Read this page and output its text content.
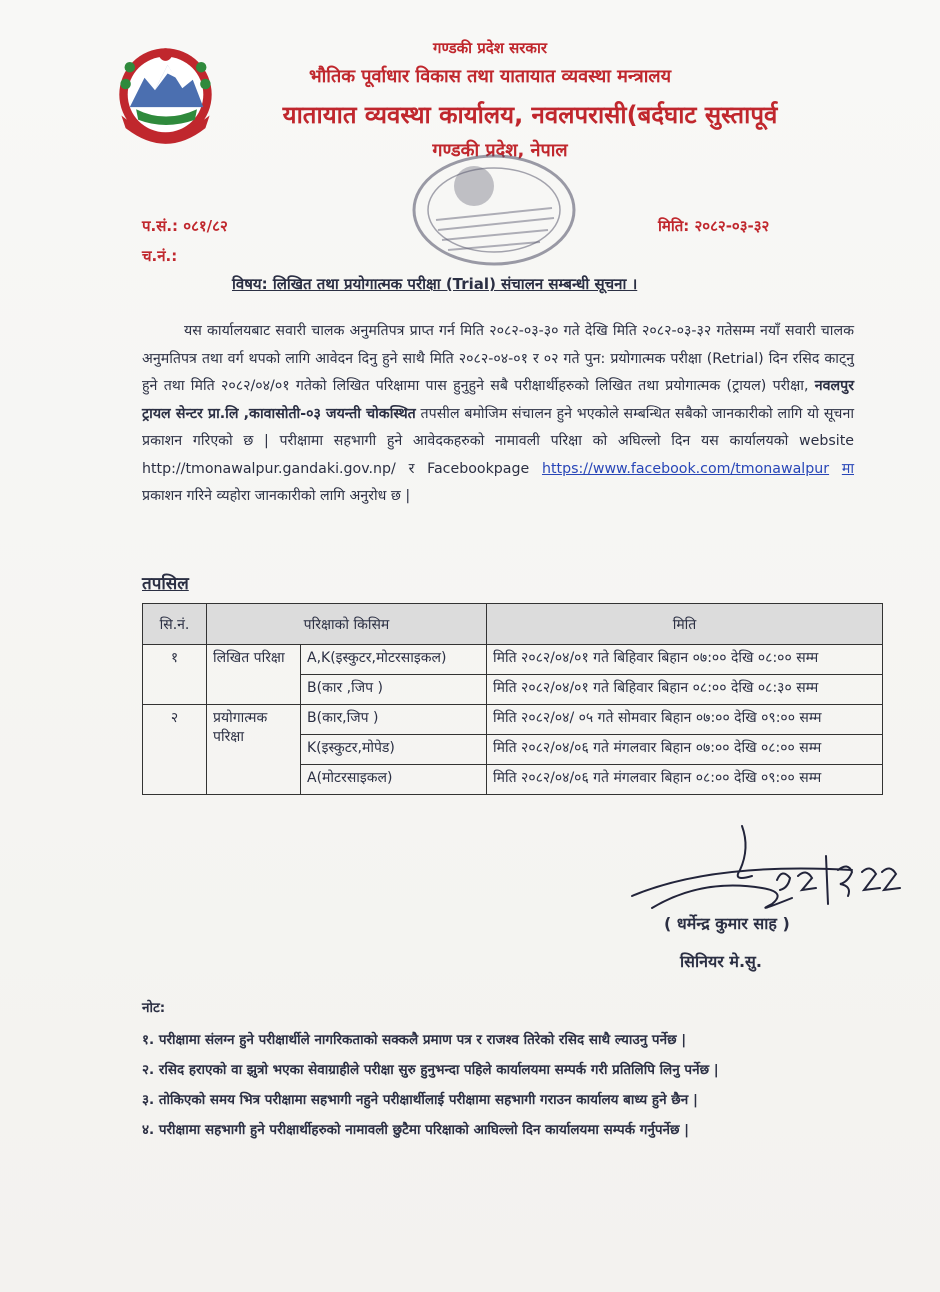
गण्डकी प्रदेश सरकार
भौतिक पूर्वाधार विकास तथा यातायात व्यवस्था मन्त्रालय
यातायात व्यवस्था कार्यालय, नवलपरासी(बर्दघाट सुस्तापूर्व
गण्डकी प्रदेश, नेपाल
प.सं.: ०८१/८२
च.नं.:
मिति: २०८२-०३-३२
विषय: लिखित तथा प्रयोगात्मक परीक्षा (Trial) संचालन सम्बन्धी सूचना ।

यस कार्यालयबाट सवारी चालक अनुमतिपत्र प्राप्त गर्न मिति २०८२-०३-३० गते देखि मिति २०८२-०३-३२ गतेसम्म नयाँ सवारी चालक अनुमतिपत्र तथा वर्ग थपको लागि आवेदन दिनु हुने साथै मिति २०८२-०४-०१ र ०२ गते पुन: प्रयोगात्मक परीक्षा (Retrial) दिन रसिद काट्नु हुने तथा मिति २०८२/०४/०१ गतेको लिखित परिक्षामा पास हुनुहुने सबै परीक्षार्थीहरुको लिखित तथा प्रयोगात्मक (ट्रायल) परीक्षा, नवलपुर ट्रायल सेन्टर प्रा.लि ,कावासोती-०३ जयन्ती चोकस्थित तपसील बमोजिम संचालन हुने भएकोले सम्बन्धित सबैको जानकारीको लागि यो सूचना प्रकाशन गरिएको छ | परीक्षामा सहभागी हुने आवेदकहरुको नामावली परिक्षा को अघिल्लो दिन यस कार्यालयको website http://tmonawalpur.gandaki.gov.np/ र Facebookpage https://www.facebook.com/tmonawalpur मा प्रकाशन गरिने व्यहोरा जानकारीको लागि अनुरोध छ |

तपसिल
सि.नं.	परिक्षाको किसिम		मिति
१	लिखित परिक्षा	A,K(इस्कुटर,मोटरसाइकल)	मिति २०८२/०४/०१ गते बिहिवार बिहान ०७:०० देखि ०८:०० सम्म
		B(कार ,जिप )	मिति २०८२/०४/०१ गते बिहिवार बिहान ०८:०० देखि ०८:३० सम्म
२	प्रयोगात्मक परिक्षा	B(कार,जिप )	मिति २०८२/०४/ ०५ गते सोमवार बिहान ०७:०० देखि ०९:०० सम्म
		K(इस्कुटर,मोपेड)	मिति २०८२/०४/०६ गते मंगलवार बिहान ०७:०० देखि ०८:०० सम्म
		A(मोटरसाइकल)	मिति २०८२/०४/०६ गते मंगलवार बिहान ०८:०० देखि ०९:०० सम्म
( धर्मेन्द्र कुमार साह )
सिनियर मे.सु.
नोट:
१. परीक्षामा संलग्न हुने परीक्षार्थीले नागरिकताको सक्कलै प्रमाण पत्र र राजश्व तिरेको रसिद साथै ल्याउनु पर्नेछ |
२. रसिद हराएको वा झुत्रो भएका सेवाग्राहीले परीक्षा सुरु हुनुभन्दा पहिले कार्यालयमा सम्पर्क गरी प्रतिलिपि लिनु पर्नेछ |
३. तोकिएको समय भित्र परीक्षामा सहभागी नहुने परीक्षार्थीलाई परीक्षामा सहभागी गराउन कार्यालय बाध्य हुने छैन |
४. परीक्षामा सहभागी हुने परीक्षार्थीहरुको नामावली छुटैमा परिक्षाको आघिल्लो दिन कार्यालयमा सम्पर्क गर्नुपर्नेछ |
